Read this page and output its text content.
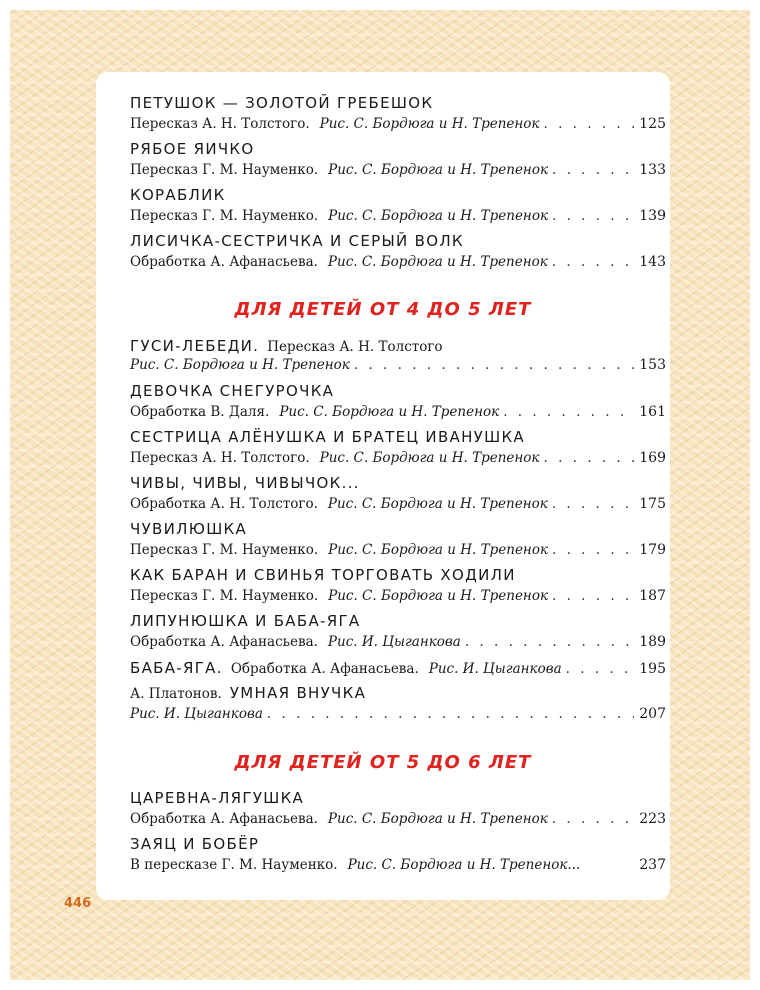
ПЕТУШОК — ЗОЛОТОЙ ГРЕБЕШОК
Пересказ А. Н. Толстого. Рис. С. Бордюга и Н. Трепенок . . .	125
РЯБОЕ ЯИЧКО
Пересказ Г. М. Науменко. Рис. С. Бордюга и Н. Трепенок . . .	133
КОРАБЛИК
Пересказ Г. М. Науменко. Рис. С. Бордюга и Н. Трепенок . . .	139
ЛИСИЧКА-СЕСТРИЧКА И СЕРЫЙ ВОЛК
Обработка А. Афанасьева. Рис. С. Бордюга и Н. Трепенок . . .	143
ДЛЯ ДЕТЕЙ ОТ 4 ДО 5 ЛЕТ
ГУСИ-ЛЕБЕДИ. Пересказ А. Н. Толстого
Рис. С. Бордюга и Н. Трепенок . . .	153
ДЕВОЧКА СНЕГУРОЧКА
Обработка В. Даля. Рис. С. Бордюга и Н. Трепенок . . .	161
СЕСТРИЦА АЛЁНУШКА И БРАТЕЦ ИВАНУШКА
Пересказ А. Н. Толстого. Рис. С. Бордюга и Н. Трепенок . . .	169
ЧИВЫ, ЧИВЫ, ЧИВЫЧОК...
Обработка А. Н. Толстого. Рис. С. Бордюга и Н. Трепенок . . .	175
ЧУВИЛЮШКА
Пересказ Г. М. Науменко. Рис. С. Бордюга и Н. Трепенок . . .	179
КАК БАРАН И СВИНЬЯ ТОРГОВАТЬ ХОДИЛИ
Пересказ Г. М. Науменко. Рис. С. Бордюга и Н. Трепенок . . .	187
ЛИПУНЮШКА И БАБА-ЯГА
Обработка А. Афанасьева. Рис. И. Цыганкова . . .	189
БАБА-ЯГА. Обработка А. Афанасьева. Рис. И. Цыганкова . . .	195
А. Платонов. УМНАЯ ВНУЧКА
Рис. И. Цыганкова . . .	207
ДЛЯ ДЕТЕЙ ОТ 5 ДО 6 ЛЕТ
ЦАРЕВНА-ЛЯГУШКА
Обработка А. Афанасьева. Рис. С. Бордюга и Н. Трепенок . . .	223
ЗАЯЦ И БОБЁР
В пересказе Г. М. Науменко. Рис. С. Бордюга и Н. Трепенок...	237
446
